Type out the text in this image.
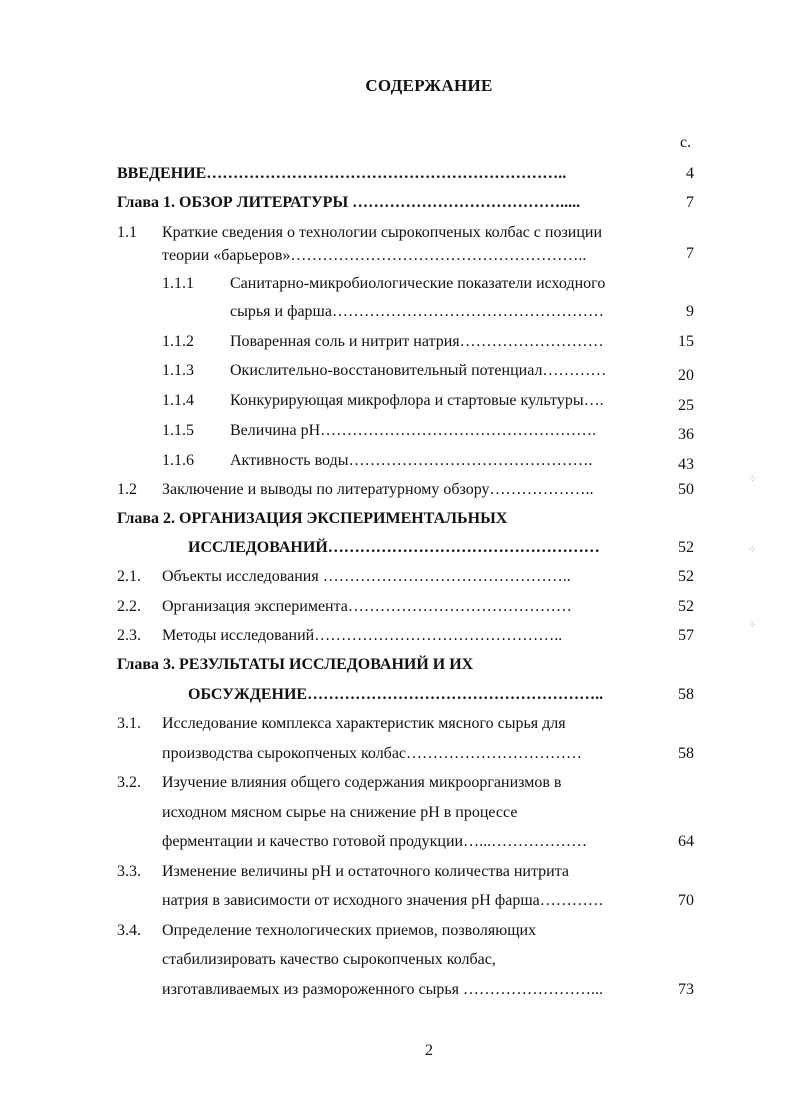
СОДЕРЖАНИЕ
с.
ВВЕДЕНИЕ…………………………………………………………..	4
Глава 1. ОБЗОР ЛИТЕРАТУРЫ ………………………………….....	7
1.1 Краткие сведения о технологии сырокопченых колбас с позиции
теории «барьеров»………………………………………………..	7
1.1.1 Санитарно-микробиологические показатели исходного
сырья и фарша……………………………………………	9
1.1.2 Поваренная соль и нитрит натрия………………………	15
1.1.3 Окислительно-восстановительный потенциал…………	20
1.1.4 Конкурирующая микрофлора и стартовые культуры….	25
1.1.5 Величина pH…………………………………………….	36
1.1.6 Активность воды……………………………………….	43
1.2 Заключение и выводы по литературному обзору………………..	50
Глава 2. ОРГАНИЗАЦИЯ ЭКСПЕРИМЕНТАЛЬНЫХ
ИССЛЕДОВАНИЙ……………………………………………	52
2.1. Объекты исследования ………………………………………..	52
2.2. Организация эксперимента……………………………………	52
2.3. Методы исследований………………………………………..	57
Глава 3. РЕЗУЛЬТАТЫ ИССЛЕДОВАНИЙ И ИХ
ОБСУЖДЕНИЕ………………………………………………..	58
3.1. Исследование комплекса характеристик мясного сырья для
производства сырокопченых колбас……………………………	58
3.2. Изучение влияния общего содержания микроорганизмов в
исходном мясном сырье на снижение pH в процессе
ферментации и качество готовой продукции…...………………	64
3.3. Изменение величины pH и остаточного количества нитрита
натрия в зависимости от исходного значения pH фарша…………	70
3.4. Определение технологических приемов, позволяющих
стабилизировать качество сырокопченых колбас,
изготавливаемых из размороженного сырья ……………………...	73
⁘
⁘
⁘
2
